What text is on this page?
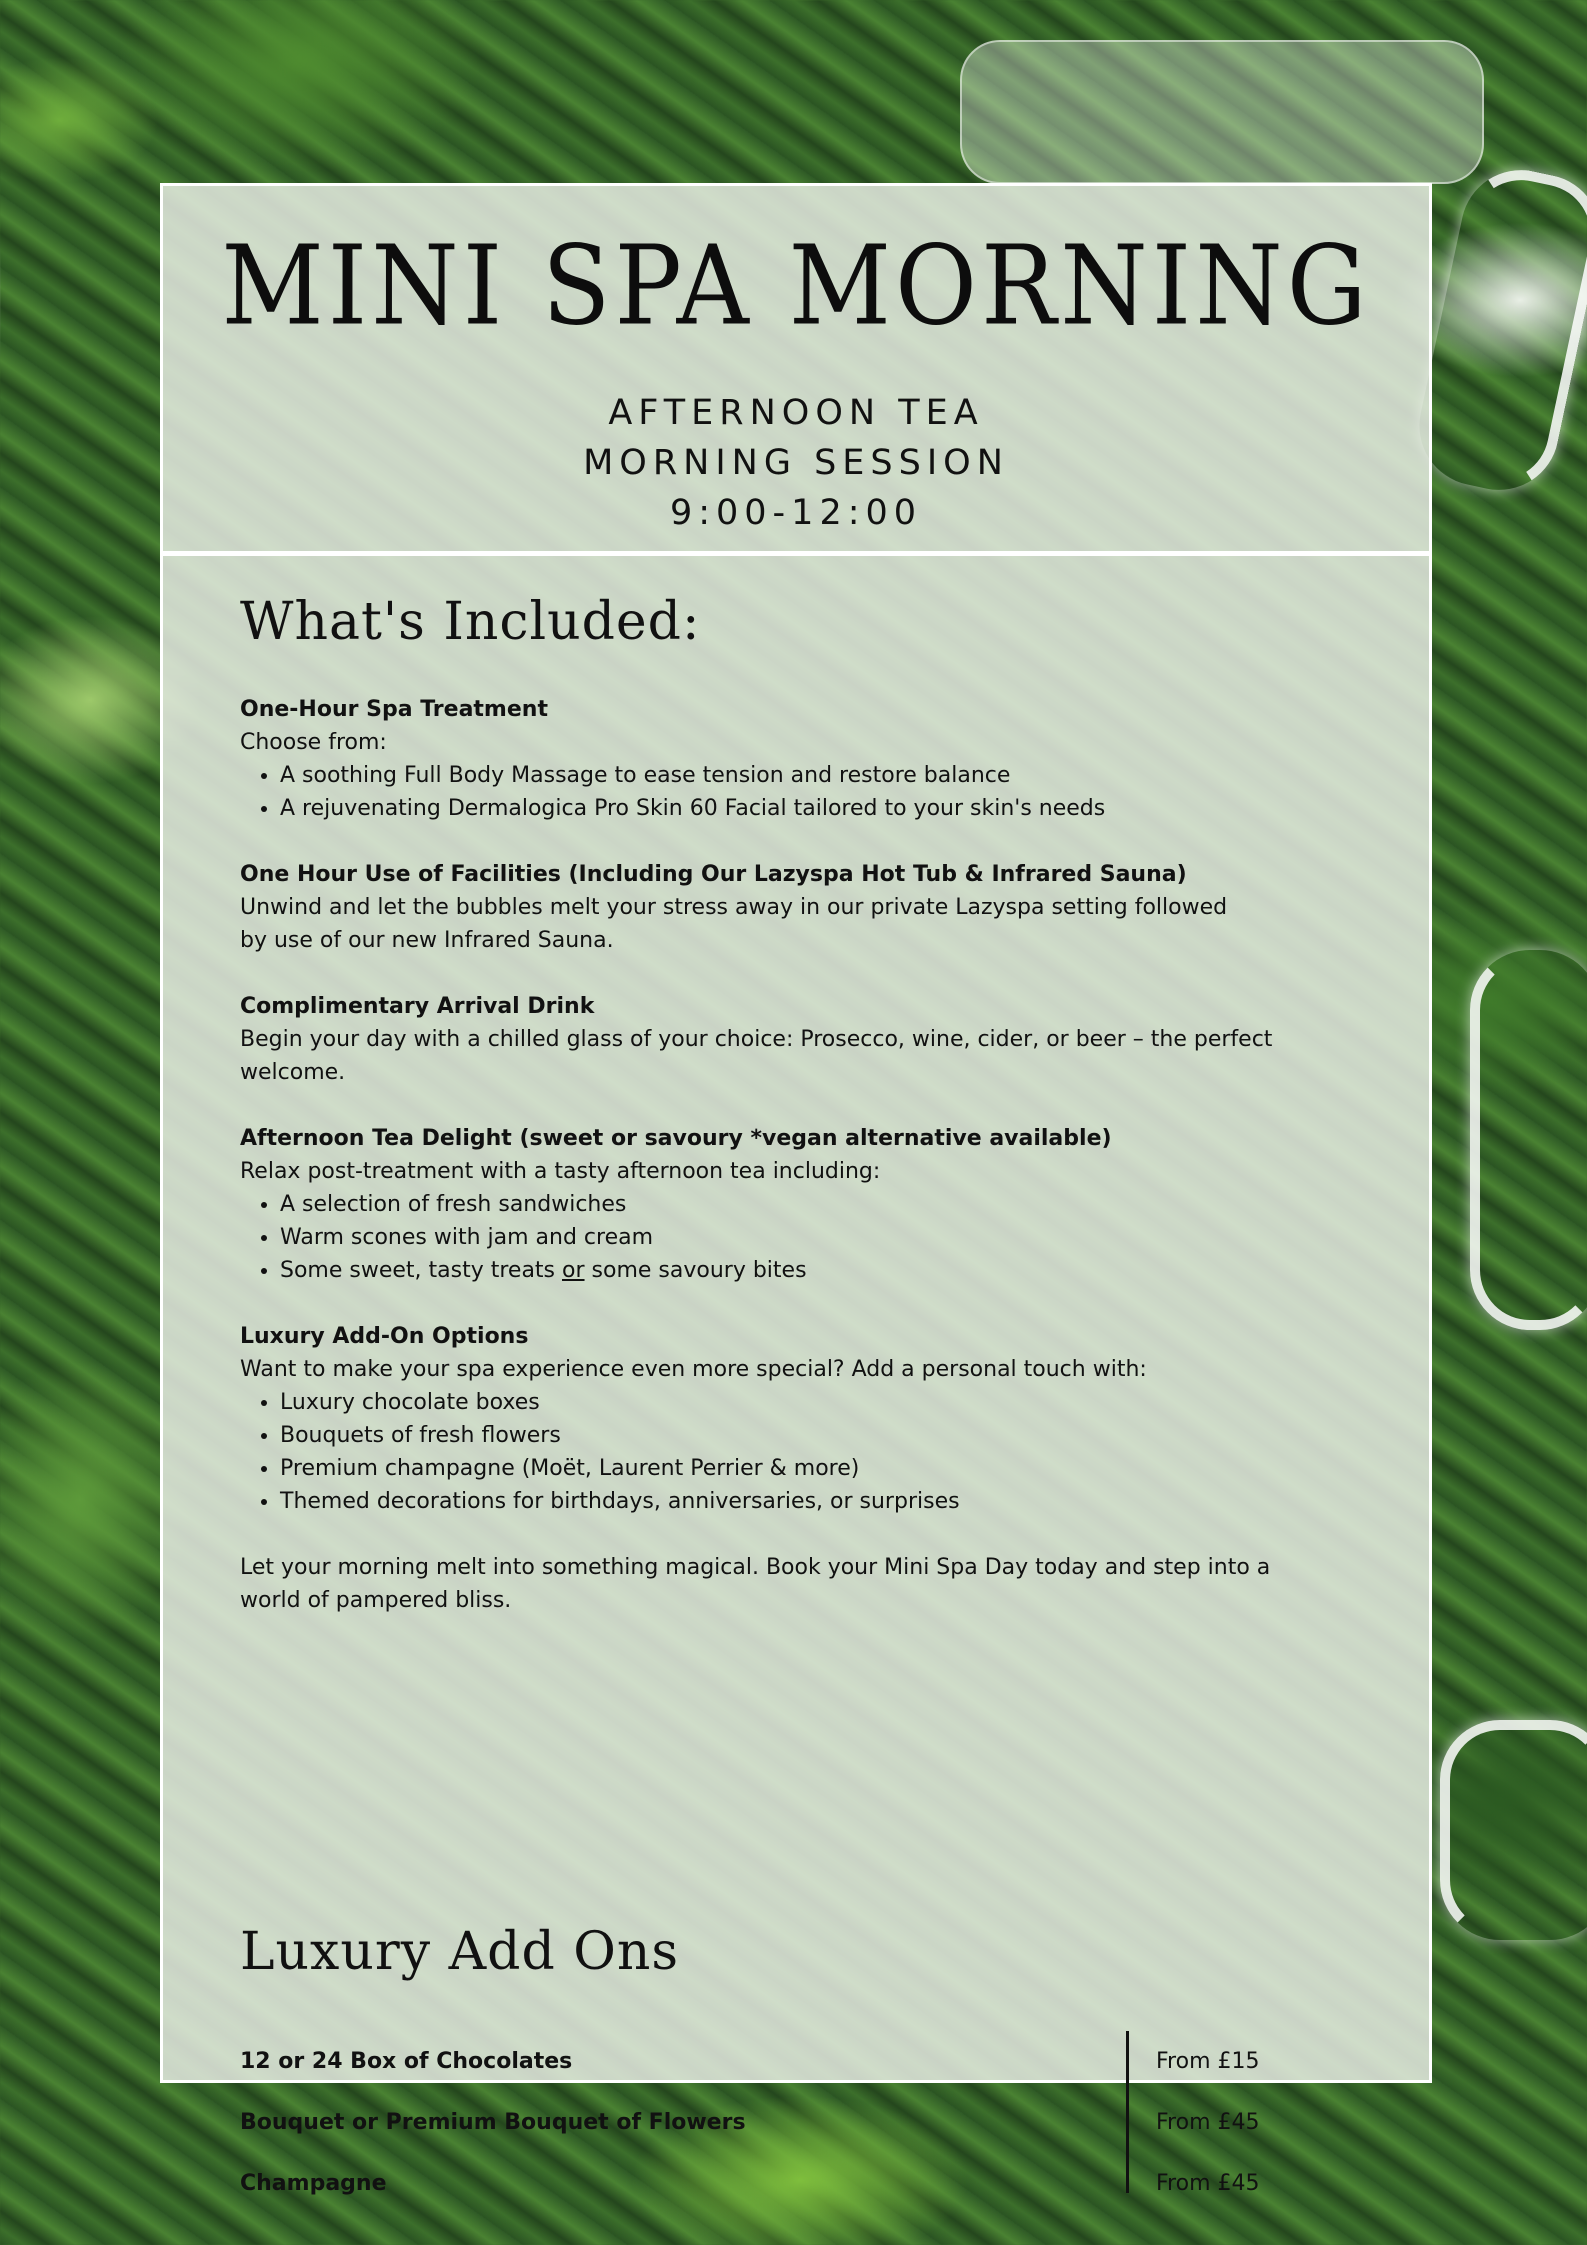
MINI SPA MORNING
AFTERNOON TEA
MORNING SESSION
9:00-12:00
What's Included:
One-Hour Spa Treatment

Choose from:

• A soothing Full Body Massage to ease tension and restore balance
• A rejuvenating Dermalogica Pro Skin 60 Facial tailored to your skin's needs
One Hour Use of Facilities (Including Our Lazyspa Hot Tub & Infrared Sauna)

Unwind and let the bubbles melt your stress away in our private Lazyspa setting followed by use of our new Infrared Sauna.

Complimentary Arrival Drink

Begin your day with a chilled glass of your choice: Prosecco, wine, cider, or beer – the perfect welcome.

Afternoon Tea Delight (sweet or savoury *vegan alternative available)

Relax post-treatment with a tasty afternoon tea including:

• A selection of fresh sandwiches
• Warm scones with jam and cream
• Some sweet, tasty treats or some savoury bites
Luxury Add-On Options

Want to make your spa experience even more special? Add a personal touch with:

• Luxury chocolate boxes
• Bouquets of fresh flowers
• Premium champagne (Moët, Laurent Perrier & more)
• Themed decorations for birthdays, anniversaries, or surprises

Let your morning melt into something magical. Book your Mini Spa Day today and step into a world of pampered bliss.

Luxury Add Ons
12 or 24 Box of Chocolates	From £15
Bouquet or Premium Bouquet of Flowers	From £45
Champagne	From £45
